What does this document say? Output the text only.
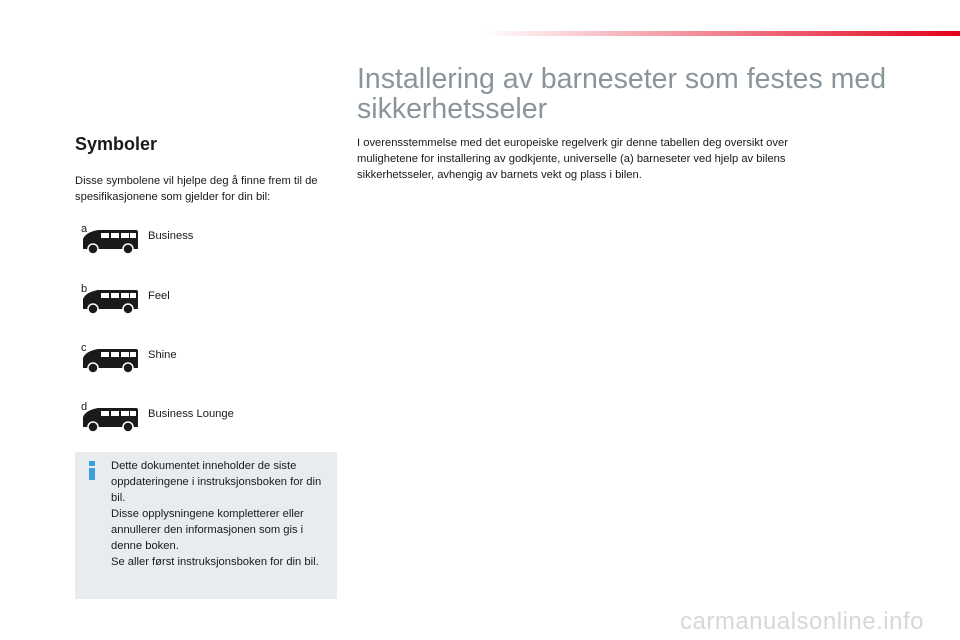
Symboler

Disse symbolene vil hjelpe deg å finne frem til de spesifikasjonene som gjelder for din bil:

a
Business
b
Feel
c
Shine
d
Business Lounge
Dette dokumentet inneholder de siste oppdateringene i instruksjonsboken for din bil.
Disse opplysningene kompletterer eller annullerer den informasjonen som gis i denne boken.
Se aller først instruksjonsboken for din bil.
Installering av barneseter som festes med
sikkerhetsseler

I overensstemmelse med det europeiske regelverk gir denne tabellen deg oversikt over mulighetene for installering av godkjente, universelle (a) barneseter ved hjelp av bilens sikkerhetsseler, avhengig av barnets vekt og plass i bilen.

carmanualsonline.info
